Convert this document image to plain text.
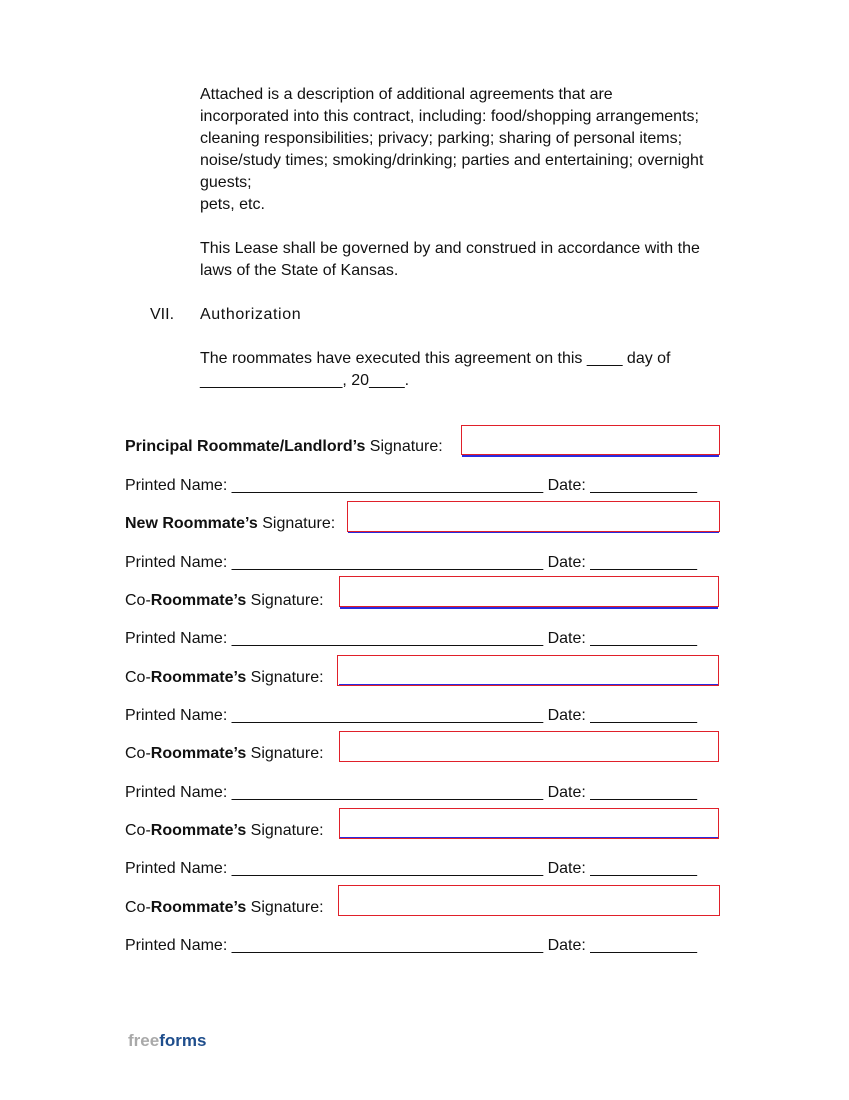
Attached is a description of additional agreements that are
incorporated into this contract, including: food/shopping arrangements;
cleaning responsibilities; privacy; parking; sharing of personal items;
noise/study times; smoking/drinking; parties and entertaining; overnight
guests;
pets, etc.
This Lease shall be governed by and construed in accordance with the
laws of the State of Kansas.
VII. Authorization
The roommates have executed this agreement on this ____ day of
________________, 20____.
Principal Roommate/Landlord’s Signature:
Printed Name: ___________________________________ Date: ____________
New Roommate’s Signature:
Printed Name: ___________________________________ Date: ____________
Co-Roommate’s Signature:
Printed Name: ___________________________________ Date: ____________
Co-Roommate’s Signature:
Printed Name: ___________________________________ Date: ____________
Co-Roommate’s Signature:
Printed Name: ___________________________________ Date: ____________
Co-Roommate’s Signature:
Printed Name: ___________________________________ Date: ____________
Co-Roommate’s Signature:
Printed Name: ___________________________________ Date: ____________
freeforms
